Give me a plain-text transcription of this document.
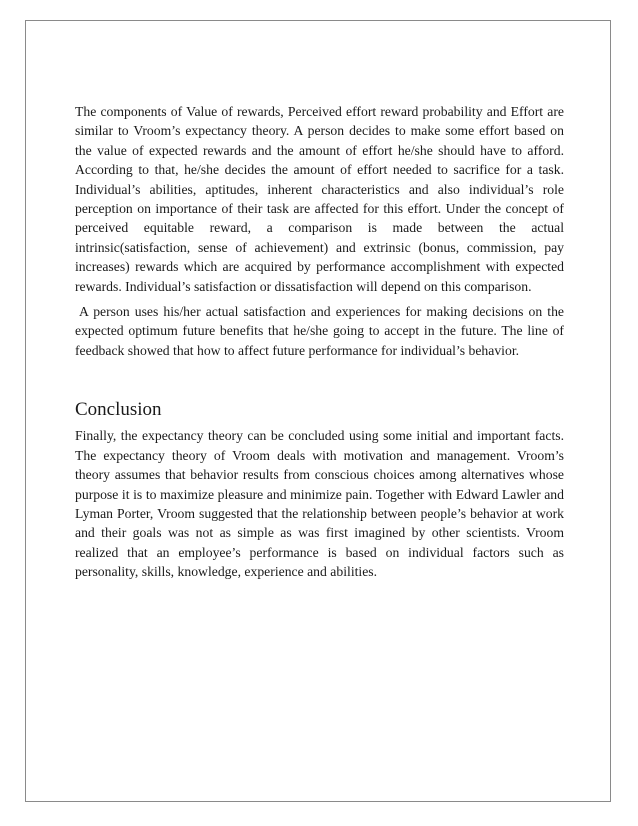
The components of Value of rewards, Perceived effort reward probability and Effort are similar to Vroom’s expectancy theory. A person decides to make some effort based on the value of expected rewards and the amount of effort he/she should have to afford. According to that, he/she decides the amount of effort needed to sacrifice for a task. Individual’s abilities, aptitudes, inherent characteristics and also individual’s role perception on importance of their task are affected for this effort. Under the concept of perceived equitable reward, a comparison is made between the actual intrinsic(satisfaction, sense of achievement) and extrinsic (bonus, commission, pay increases) rewards which are acquired by performance accomplishment with expected rewards. Individual’s satisfaction or dissatisfaction will depend on this comparison.

A person uses his/her actual satisfaction and experiences for making decisions on the expected optimum future benefits that he/she going to accept in the future. The line of feedback showed that how to affect future performance for individual’s behavior.

Conclusion

Finally, the expectancy theory can be concluded using some initial and important facts. The expectancy theory of Vroom deals with motivation and management. Vroom’s theory assumes that behavior results from conscious choices among alternatives whose purpose it is to maximize pleasure and minimize pain. Together with Edward Lawler and Lyman Porter, Vroom suggested that the relationship between people’s behavior at work and their goals was not as simple as was first imagined by other scientists. Vroom realized that an employee’s performance is based on individual factors such as personality, skills, knowledge, experience and abilities.
